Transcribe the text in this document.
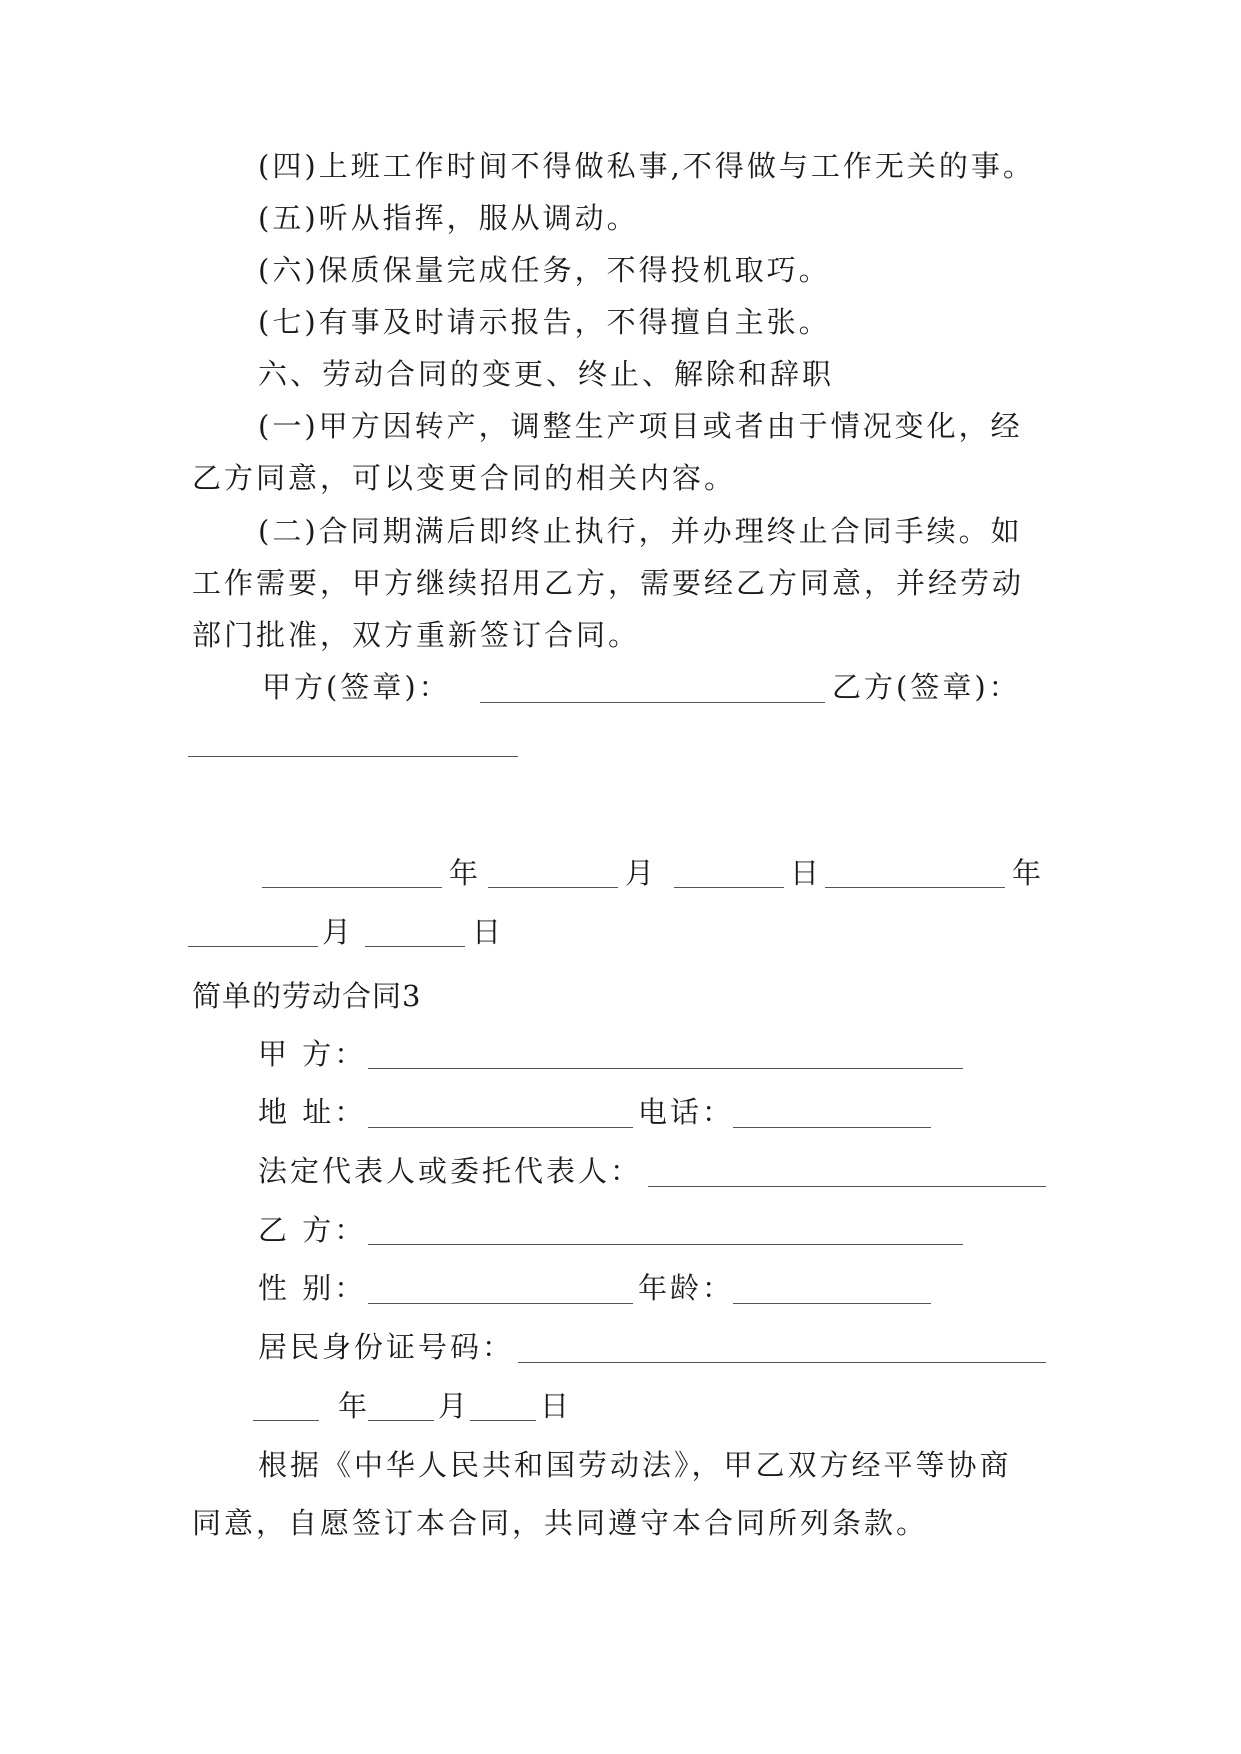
(四)上班工作时间不得做私事,不得做与工作无关的事。
(五)听从指挥，服从调动。
(六)保质保量完成任务，不得投机取巧。
(七)有事及时请示报告，不得擅自主张。
六、劳动合同的变更、终止、解除和辞职
(一)甲方因转产，调整生产项目或者由于情况变化，经
乙方同意，可以变更合同的相关内容。
(二)合同期满后即终止执行，并办理终止合同手续。如
工作需要，甲方继续招用乙方，需要经乙方同意，并经劳动
部门批准，双方重新签订合同。
甲方(签章)：	乙方(签章)：
年	月	日	年
月	日
简单的劳动合同3
甲 方：
地 址：	电话：
法定代表人或委托代表人：
乙 方：
性 别：	年龄：
居民身份证号码：
年 月 日
根据《中华人民共和国劳动法》，甲乙双方经平等协商
同意，自愿签订本合同，共同遵守本合同所列条款。
